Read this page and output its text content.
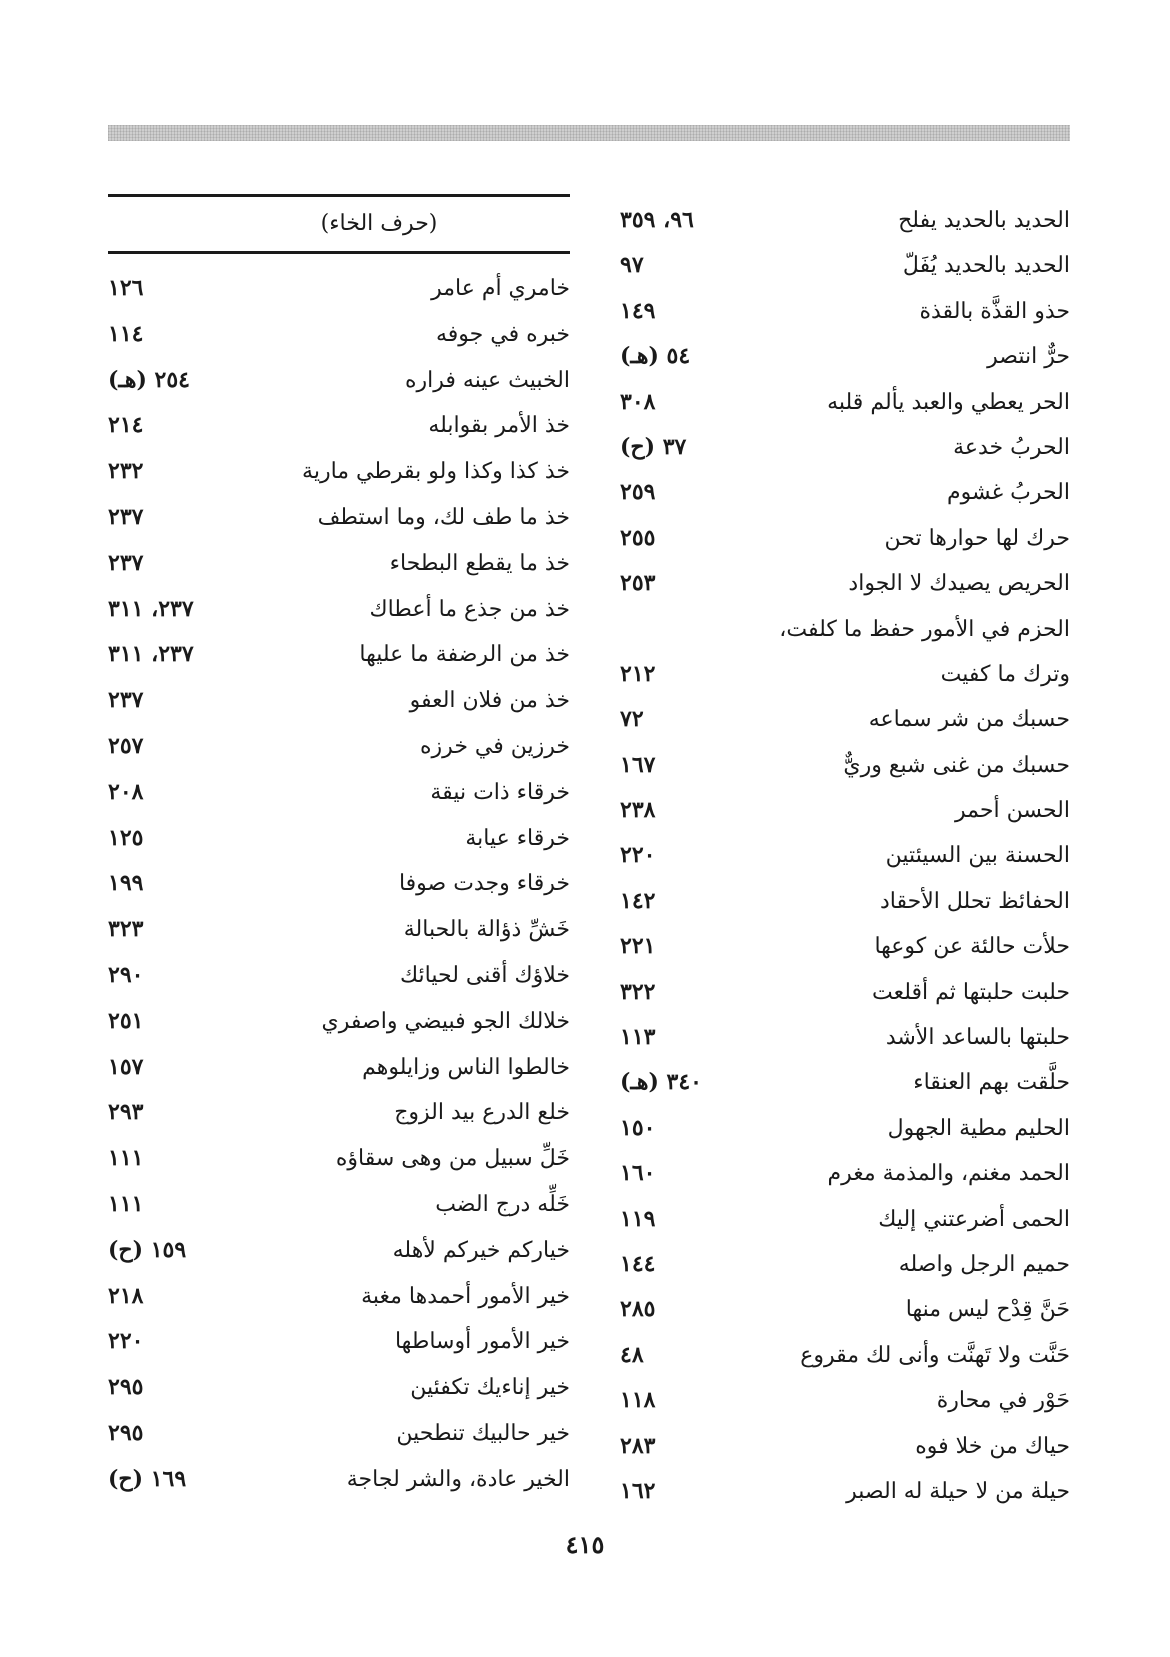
الحديد بالحديد يفلح
٩٦، ٣٥٩
الحديد بالحديد يُفَلّ
٩٧
حذو القذَّة بالقذة
١٤٩
حرٌّ انتصر
٥٤ (هـ)
الحر يعطي والعبد يألم قلبه
٣٠٨
الحربُ خدعة
٣٧ (ح)
الحربُ غشوم
٢٥٩
حرك لها حوارها تحن
٢٥٥
الحريص يصيدك لا الجواد
٢٥٣
الحزم في الأمور حفظ ما كلفت،
وترك ما كفيت
٢١٢
حسبك من شر سماعه
٧٢
حسبك من غنى شبع وريٌّ
١٦٧
الحسن أحمر
٢٣٨
الحسنة بين السيئتين
٢٢٠
الحفائظ تحلل الأحقاد
١٤٢
حلأت حالئة عن كوعها
٢٢١
حلبت حلبتها ثم أقلعت
٣٢٢
حلبتها بالساعد الأشد
١١٣
حلَّقت بهم العنقاء
٣٤٠ (هـ)
الحليم مطية الجهول
١٥٠
الحمد مغنم، والمذمة مغرم
١٦٠
الحمى أضرعتني إليك
١١٩
حميم الرجل واصله
١٤٤
حَنَّ قِدْح ليس منها
٢٨٥
حَنَّت ولا تَهنَّت وأنى لك مقروع
٤٨
حَوْر في محارة
١١٨
حياك من خلا فوه
٢٨٣
حيلة من لا حيلة له الصبر
١٦٢
(حرف الخاء)
خامري أم عامر
١٢٦
خبره في جوفه
١١٤
الخبيث عينه فراره
٢٥٤ (هـ)
خذ الأمر بقوابله
٢١٤
خذ كذا وكذا ولو بقرطي مارية
٢٣٢
خذ ما طف لك، وما استطف
٢٣٧
خذ ما يقطع البطحاء
٢٣٧
خذ من جذع ما أعطاك
٢٣٧، ٣١١
خذ من الرضفة ما عليها
٢٣٧، ٣١١
خذ من فلان العفو
٢٣٧
خرزين في خرزه
٢٥٧
خرقاء ذات نيقة
٢٠٨
خرقاء عيابة
١٢٥
خرقاء وجدت صوفا
١٩٩
خَشِّ ذؤالة بالحبالة
٣٢٣
خلاؤك أقنى لحيائك
٢٩٠
خلالك الجو فبيضي واصفري
٢٥١
خالطوا الناس وزايلوهم
١٥٧
خلع الدرع بيد الزوج
٢٩٣
خَلِّ سبيل من وهى سقاؤه
١١١
خَلِّه درج الضب
١١١
خياركم خيركم لأهله
١٥٩ (ح)
خير الأمور أحمدها مغبة
٢١٨
خير الأمور أوساطها
٢٢٠
خير إناءيك تكفئين
٢٩٥
خير حالبيك تنطحين
٢٩٥
الخير عادة، والشر لجاجة
١٦٩ (ح)
٤١٥
